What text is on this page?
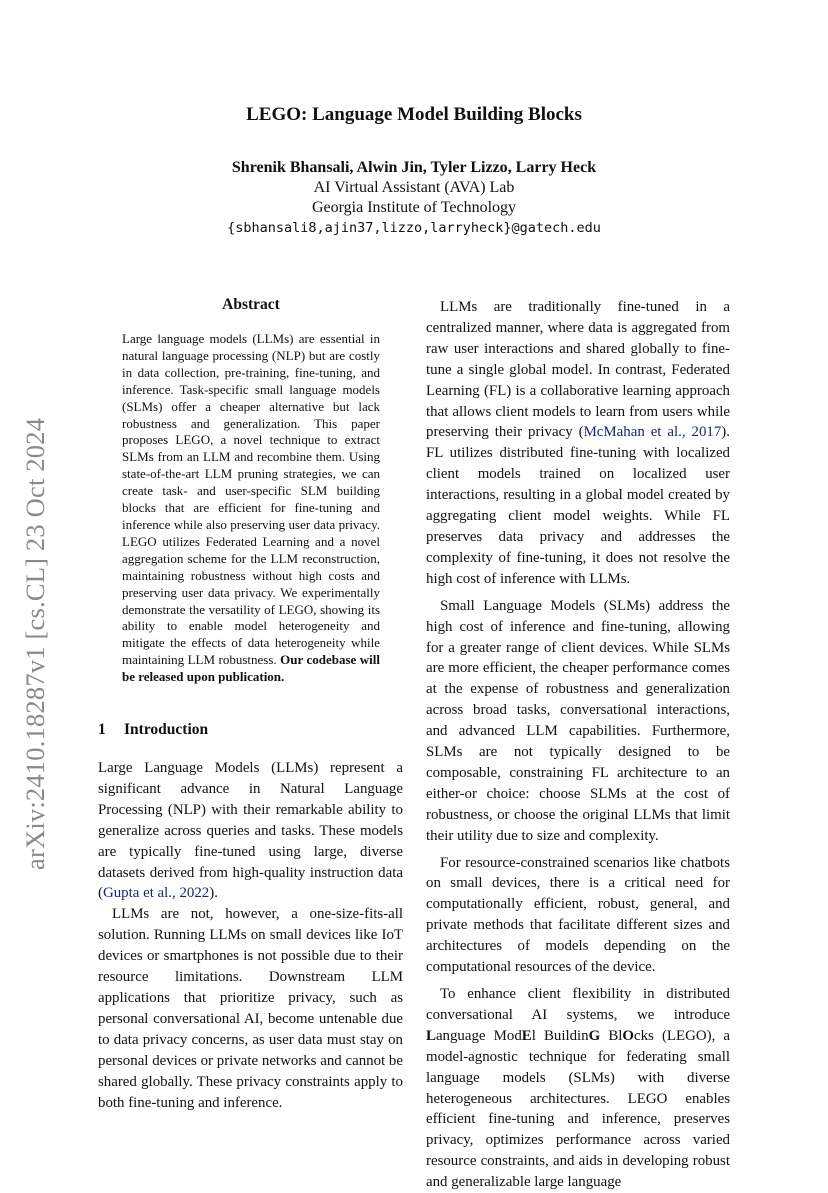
LEGO: Language Model Building Blocks
Shrenik Bhansali, Alwin Jin, Tyler Lizzo, Larry Heck
AI Virtual Assistant (AVA) Lab
Georgia Institute of Technology
{sbhansali8,ajin37,lizzo,larryheck}@gatech.edu
arXiv:2410.18287v1 [cs.CL] 23 Oct 2024
Abstract
Large language models (LLMs) are essential in natural language processing (NLP) but are costly in data collection, pre-training, fine-tuning, and inference. Task-specific small language models (SLMs) offer a cheaper alternative but lack robustness and generalization. This paper proposes LEGO, a novel technique to extract SLMs from an LLM and recombine them. Using state-of-the-art LLM pruning strategies, we can create task- and user-specific SLM building blocks that are efficient for fine-tuning and inference while also preserving user data privacy. LEGO utilizes Federated Learning and a novel aggregation scheme for the LLM reconstruction, maintaining robustness without high costs and preserving user data privacy. We experimentally demonstrate the versatility of LEGO, showing its ability to enable model heterogeneity and mitigate the effects of data heterogeneity while maintaining LLM robustness. Our codebase will be released upon publication.
1 Introduction

Large Language Models (LLMs) represent a significant advance in Natural Language Processing (NLP) with their remarkable ability to generalize across queries and tasks. These models are typically fine-tuned using large, diverse datasets derived from high-quality instruction data (Gupta et al., 2022).

LLMs are not, however, a one-size-fits-all solution. Running LLMs on small devices like IoT devices or smartphones is not possible due to their resource limitations. Downstream LLM applications that prioritize privacy, such as personal conversational AI, become untenable due to data privacy concerns, as user data must stay on personal devices or private networks and cannot be shared globally. These privacy constraints apply to both fine-tuning and inference.

LLMs are traditionally fine-tuned in a centralized manner, where data is aggregated from raw user interactions and shared globally to fine-tune a single global model. In contrast, Federated Learning (FL) is a collaborative learning approach that allows client models to learn from users while preserving their privacy (McMahan et al., 2017). FL utilizes distributed fine-tuning with localized client models trained on localized user interactions, resulting in a global model created by aggregating client model weights. While FL preserves data privacy and addresses the complexity of fine-tuning, it does not resolve the high cost of inference with LLMs.

Small Language Models (SLMs) address the high cost of inference and fine-tuning, allowing for a greater range of client devices. While SLMs are more efficient, the cheaper performance comes at the expense of robustness and generalization across broad tasks, conversational interactions, and advanced LLM capabilities. Furthermore, SLMs are not typically designed to be composable, constraining FL architecture to an either-or choice: choose SLMs at the cost of robustness, or choose the original LLMs that limit their utility due to size and complexity.

For resource-constrained scenarios like chatbots on small devices, there is a critical need for computationally efficient, robust, general, and private methods that facilitate different sizes and architectures of models depending on the computational resources of the device.

To enhance client flexibility in distributed conversational AI systems, we introduce Language ModEl BuildinG BlOcks (LEGO), a model-agnostic technique for federating small language models (SLMs) with diverse heterogeneous architectures. LEGO enables efficient fine-tuning and inference, preserves privacy, optimizes performance across varied resource constraints, and aids in developing robust and generalizable large language
